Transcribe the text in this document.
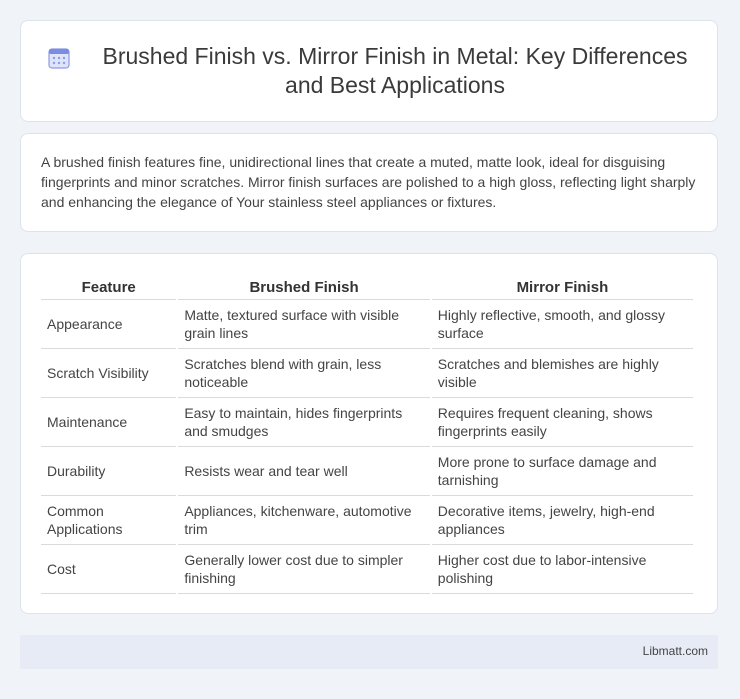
Brushed Finish vs. Mirror Finish in Metal: Key Differences and Best Applications

A brushed finish features fine, unidirectional lines that create a muted, matte look, ideal for disguising fingerprints and minor scratches. Mirror finish surfaces are polished to a high gloss, reflecting light sharply and enhancing the elegance of Your stainless steel appliances or fixtures.

Feature	Brushed Finish	Mirror Finish
Appearance	Matte, textured surface with visible grain lines	Highly reflective, smooth, and glossy surface
Scratch Visibility	Scratches blend with grain, less noticeable	Scratches and blemishes are highly visible
Maintenance	Easy to maintain, hides fingerprints and smudges	Requires frequent cleaning, shows fingerprints easily
Durability	Resists wear and tear well	More prone to surface damage and tarnishing
Common Applications	Appliances, kitchenware, automotive trim	Decorative items, jewelry, high-end appliances
Cost	Generally lower cost due to simpler finishing	Higher cost due to labor-intensive polishing
Libmatt.com
